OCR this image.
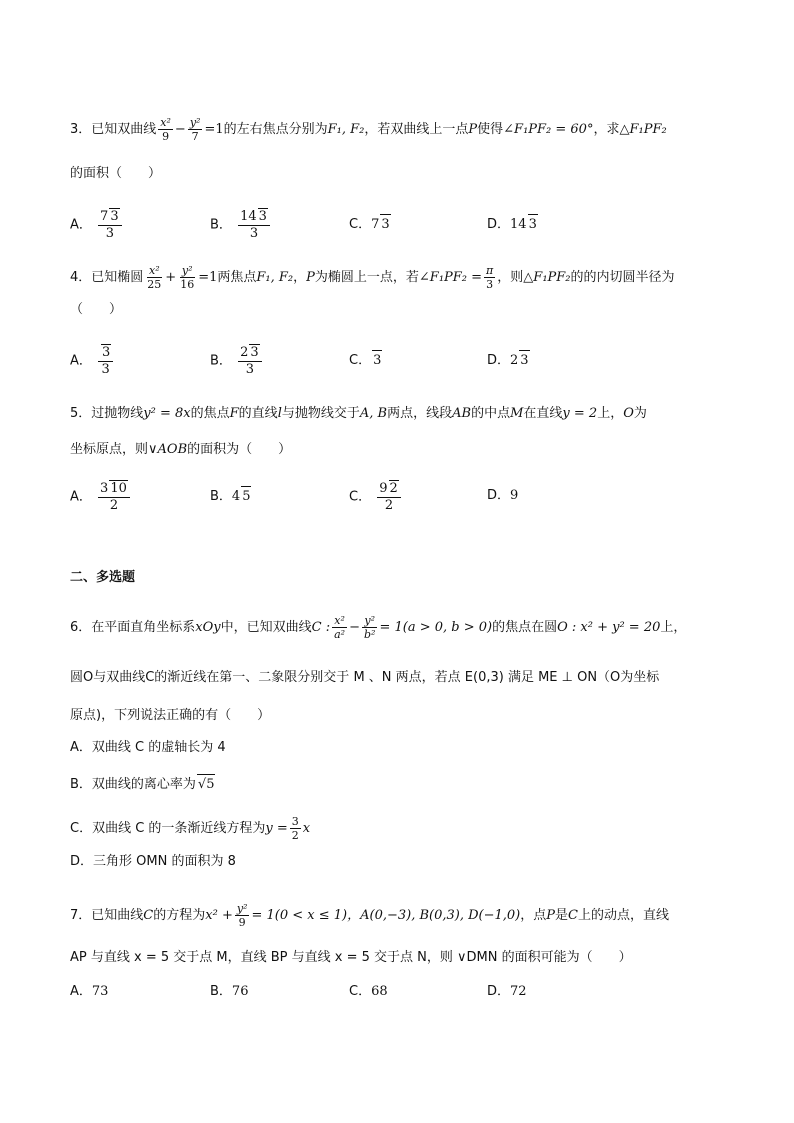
3．已知双曲线 $\frac{\text{x²}}{9} - \frac{\text{y²}}{7} =1$的左右焦点分别为F₁, F₂，若双曲线上一点P使得∠F₁PF₂ = 60°，求△F₁PF₂
的面积（　　）
A． $\frac{7 3}{3}$	B． $\frac{14 3}{3}$	C．7 3	D．14 3
4．已知椭圆 $\frac{\text{x²}}{25} + \frac{\text{y²}}{16} =1$两焦点F₁, F₂，P为椭圆上一点，若∠F₁PF₂ = $\frac{\pi}{3}$ ，则△F₁PF₂的的内切圆半径为
（　　）
A． $\frac{3}{3}$	B． $\frac{2 3}{3}$	C． 3	D．2 3
5．过抛物线y² = 8x的焦点F的直线l与抛物线交于A, B两点，线段AB的中点M在直线y = 2上，O为
坐标原点，则∨AOB的面积为（　　）
A． $\frac{3 10}{2}$	B．4 5	C． $\frac{9 2}{2}$	D．9
二、多选题
6．在平面直角坐标系xOy中，已知双曲线C : $\frac{\text{x²}}{\text{a²}} - \frac{\text{y²}}{\text{b²}} = 1(a > 0$, b > 0)的焦点在圆O : x² + y² = 20上，
圆O与双曲线C的渐近线在第一、二象限分别交于 M 、N 两点，若点 E(0,3) 满足 ME ⊥ ON（O为坐标
原点)，下列说法正确的有（　　）
A．双曲线 C 的虚轴长为 4
B．双曲线的离心率为 √5
C．双曲线 C 的一条渐近线方程为$y = \frac{3}{2}$ x
D．三角形 OMN 的面积为 8
7．已知曲线C的方程为$x^2 + \frac{\text{y²}}{9} = 1(0 < x \le 1)$，A(0,−3), B(0,3), D(−1,0)，点P是C上的动点，直线
AP 与直线 x = 5 交于点 M，直线 BP 与直线 x = 5 交于点 N，则 ∨DMN 的面积可能为（　　）
A．73	B．76	C．68	D．72
